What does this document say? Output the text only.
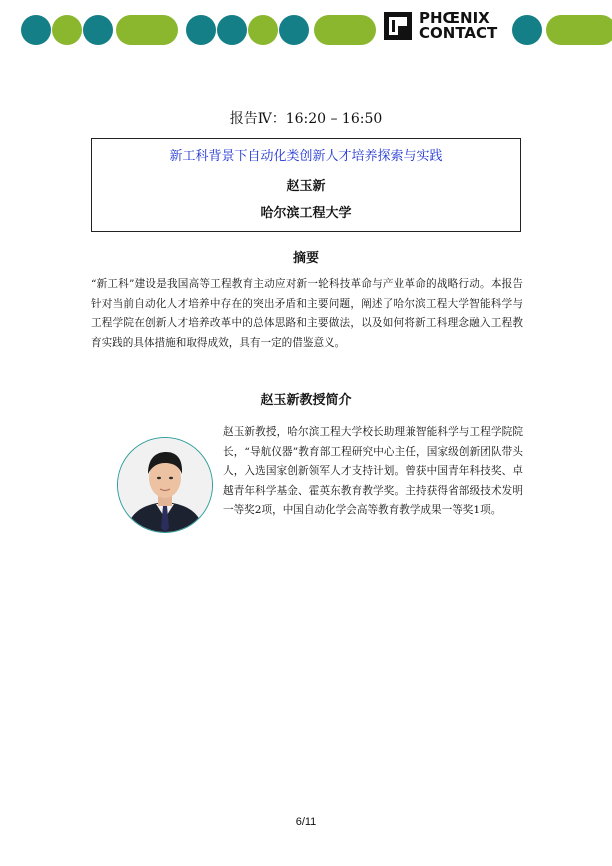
PHŒNIX
CONTACT
报告Ⅳ：16:20 – 16:50
新工科背景下自动化类创新人才培养探索与实践
赵玉新
哈尔滨工程大学
摘要
“新工科”建设是我国高等工程教育主动应对新一轮科技革命与产业革命的战略行动。本报告针对当前自动化人才培养中存在的突出矛盾和主要问题，阐述了哈尔滨工程大学智能科学与工程学院在创新人才培养改革中的总体思路和主要做法，以及如何将新工科理念融入工程教育实践的具体措施和取得成效，具有一定的借鉴意义。
赵玉新教授简介
赵玉新教授，哈尔滨工程大学校长助理兼智能科学与工程学院院长，“导航仪器”教育部工程研究中心主任，国家级创新团队带头人，入选国家创新领军人才支持计划。曾获中国青年科技奖、卓越青年科学基金、霍英东教育教学奖。主持获得省部级技术发明一等奖2项，中国自动化学会高等教育教学成果一等奖1项。
6/11
